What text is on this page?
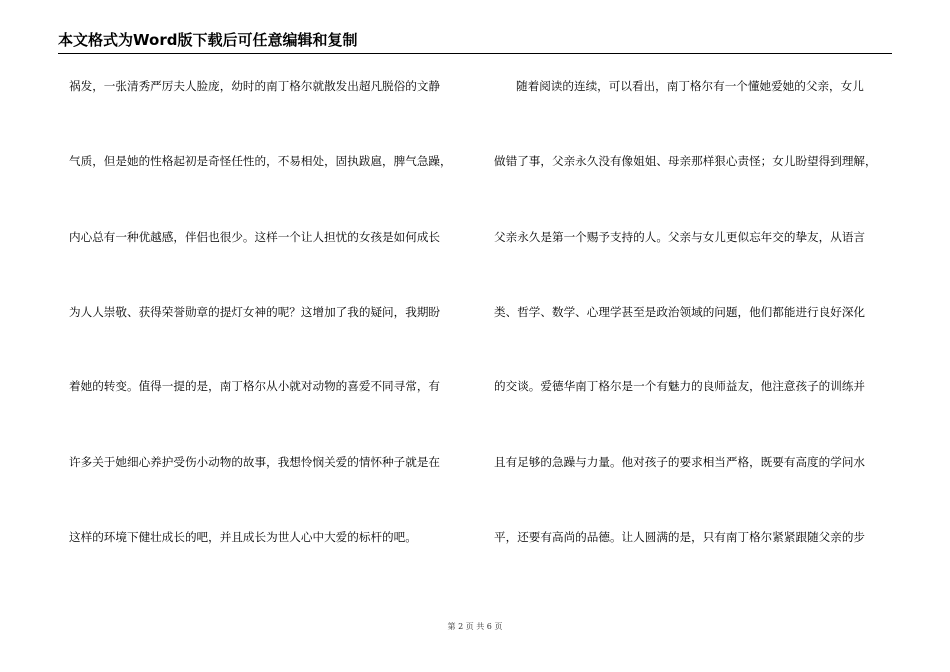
本文格式为Word版下载后可任意编辑和复制
祸发，一张清秀严厉夫人脸庞，幼时的南丁格尔就散发出超凡脱俗的文静
气质，但是她的性格起初是奇怪任性的，不易相处，固执跋扈，脾气急躁，
内心总有一种优越感，伴侣也很少。这样一个让人担忧的女孩是如何成长
为人人崇敬、获得荣誉勋章的提灯女神的呢？这增加了我的疑问，我期盼
着她的转变。值得一提的是，南丁格尔从小就对动物的喜爱不同寻常，有
许多关于她细心养护受伤小动物的故事，我想怜悯关爱的情怀种子就是在
这样的环境下健壮成长的吧，并且成长为世人心中大爱的标杆的吧。
随着阅读的连续，可以看出，南丁格尔有一个懂她爱她的父亲，女儿
做错了事，父亲永久没有像姐姐、母亲那样狠心责怪；女儿盼望得到理解，
父亲永久是第一个赐予支持的人。父亲与女儿更似忘年交的挚友，从语言
类、哲学、数学、心理学甚至是政治领域的问题，他们都能进行良好深化
的交谈。爱德华南丁格尔是一个有魅力的良师益友，他注意孩子的训练并
且有足够的急躁与力量。他对孩子的要求相当严格，既要有高度的学问水
平，还要有高尚的品德。让人圆满的是，只有南丁格尔紧紧跟随父亲的步
第 2 页 共 6 页
